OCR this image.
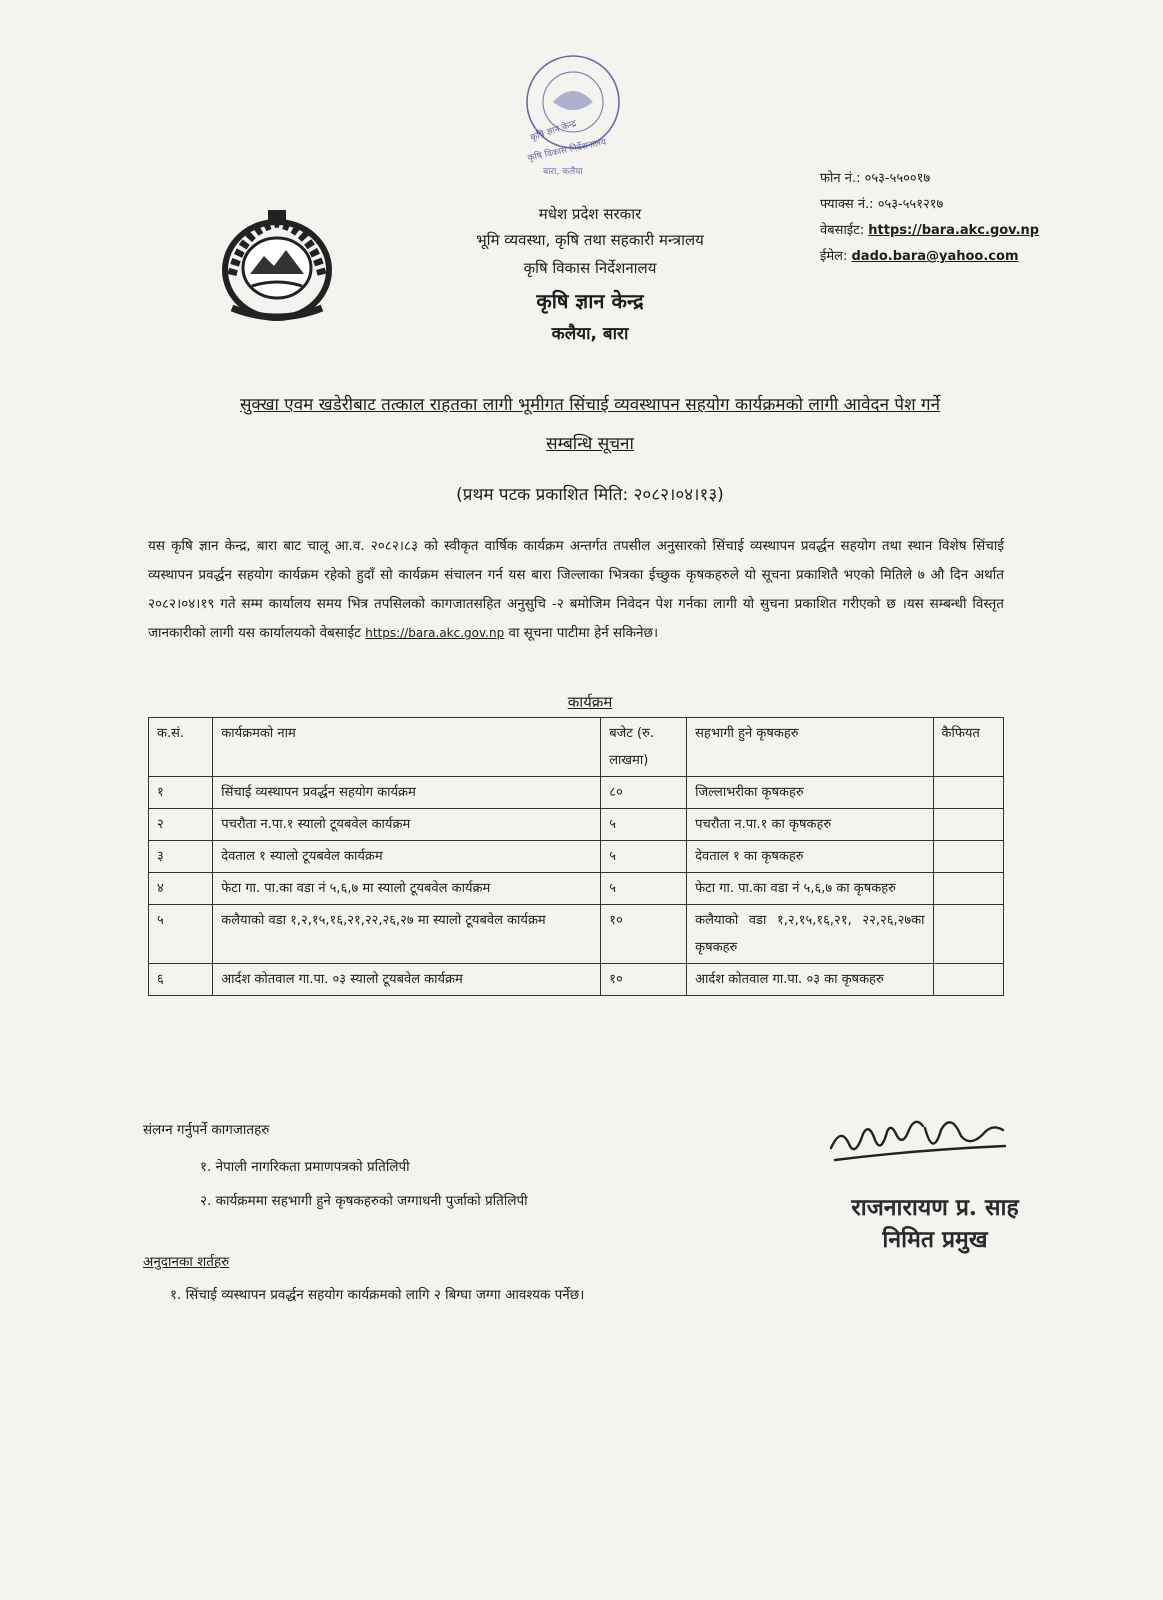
कृषि ज्ञान केन्द्र
कृषि विकास निर्देशनालय
बारा, कलैया
मधेश प्रदेश सरकार
भूमि व्यवस्था, कृषि तथा सहकारी मन्त्रालय
कृषि विकास निर्देशनालय
कृषि ज्ञान केन्द्र
कलैया, बारा
फोन नं.: ०५३-५५००१७
फ्याक्स नं.: ०५३-५५१२१७
वेबसाईट: https://bara.akc.gov.np
ईमेल: dado.bara@yahoo.com
सुक्खा एवम खडेरीबाट तत्काल राहतका लागी भूमीगत सिंचाई व्यवस्थापन सहयोग कार्यक्रमको लागी आवेदन पेश गर्ने
सम्बन्धि सूचना
(प्रथम पटक प्रकाशित मिति: २०८२।०४।१३)
यस कृषि ज्ञान केन्द्र, बारा बाट चालू आ.व. २०८२।८३ को स्वीकृत वार्षिक कार्यक्रम अन्तर्गत तपसील अनुसारको सिंचाई व्यस्थापन प्रवर्द्धन सहयोग तथा स्थान विशेष सिंचाई व्यस्थापन प्रवर्द्धन सहयोग कार्यक्रम रहेको हुदाँ सो कार्यक्रम संचालन गर्न यस बारा जिल्लाका भित्रका ईच्छुक कृषकहरुले यो सूचना प्रकाशितै भएको मितिले ७ औ दिन अर्थात २०८२।०४।१९ गते सम्म कार्यालय समय भित्र तपसिलको कागजातसहित अनुसुचि -२ बमोजिम निवेदन पेश गर्नका लागी यो सुचना प्रकाशित गरीएको छ ।यस सम्बन्धी विस्तृत जानकारीको लागी यस कार्यालयको वेबसाईट https://bara.akc.gov.np वा सूचना पाटीमा हेर्न सकिनेछ।
कार्यक्रम
क.सं.	कार्यक्रमको नाम	बजेट (रु. लाखमा)	सहभागी हुने कृषकहरु	कैफियत
१	सिंचाई व्यस्थापन प्रवर्द्धन सहयोग कार्यक्रम	८०	जिल्लाभरीका कृषकहरु	
२	पचरौता न.पा.१ स्यालो टूयबवेल कार्यक्रम	५	पचरौता न.पा.१ का कृषकहरु	
३	देवताल १ स्यालो टूयबवेल कार्यक्रम	५	देवताल १ का कृषकहरु	
४	फेटा गा. पा.का वडा नं ५,६,७ मा स्यालो टूयबवेल कार्यक्रम	५	फेटा गा. पा.का वडा नं ५,६,७ का कृषकहरु	
५	कलैयाको वडा १,२,१५,१६,२१,२२,२६,२७ मा स्यालो टूयबवेल कार्यक्रम	१०	कलैयाको वडा १,२,१५,१६,२१, २२,२६,२७का कृषकहरु	
६	आर्दश कोतवाल गा.पा. ०३ स्यालो टूयबवेल कार्यक्रम	१०	आर्दश कोतवाल गा.पा. ०३ का कृषकहरु	
संलग्न गर्नुपर्ने कागजातहरु
१. नेपाली नागरिकता प्रमाणपत्रको प्रतिलिपी
२. कार्यक्रममा सहभागी हुने कृषकहरुको जग्गाधनी पुर्जाको प्रतिलिपी
अनुदानका शर्तहरु
१. सिंचाई व्यस्थापन प्रवर्द्धन सहयोग कार्यक्रमको लागि २ बिग्घा जग्गा आवश्यक पर्नेछ।
राजनारायण प्र. साह
निमित प्रमुख
